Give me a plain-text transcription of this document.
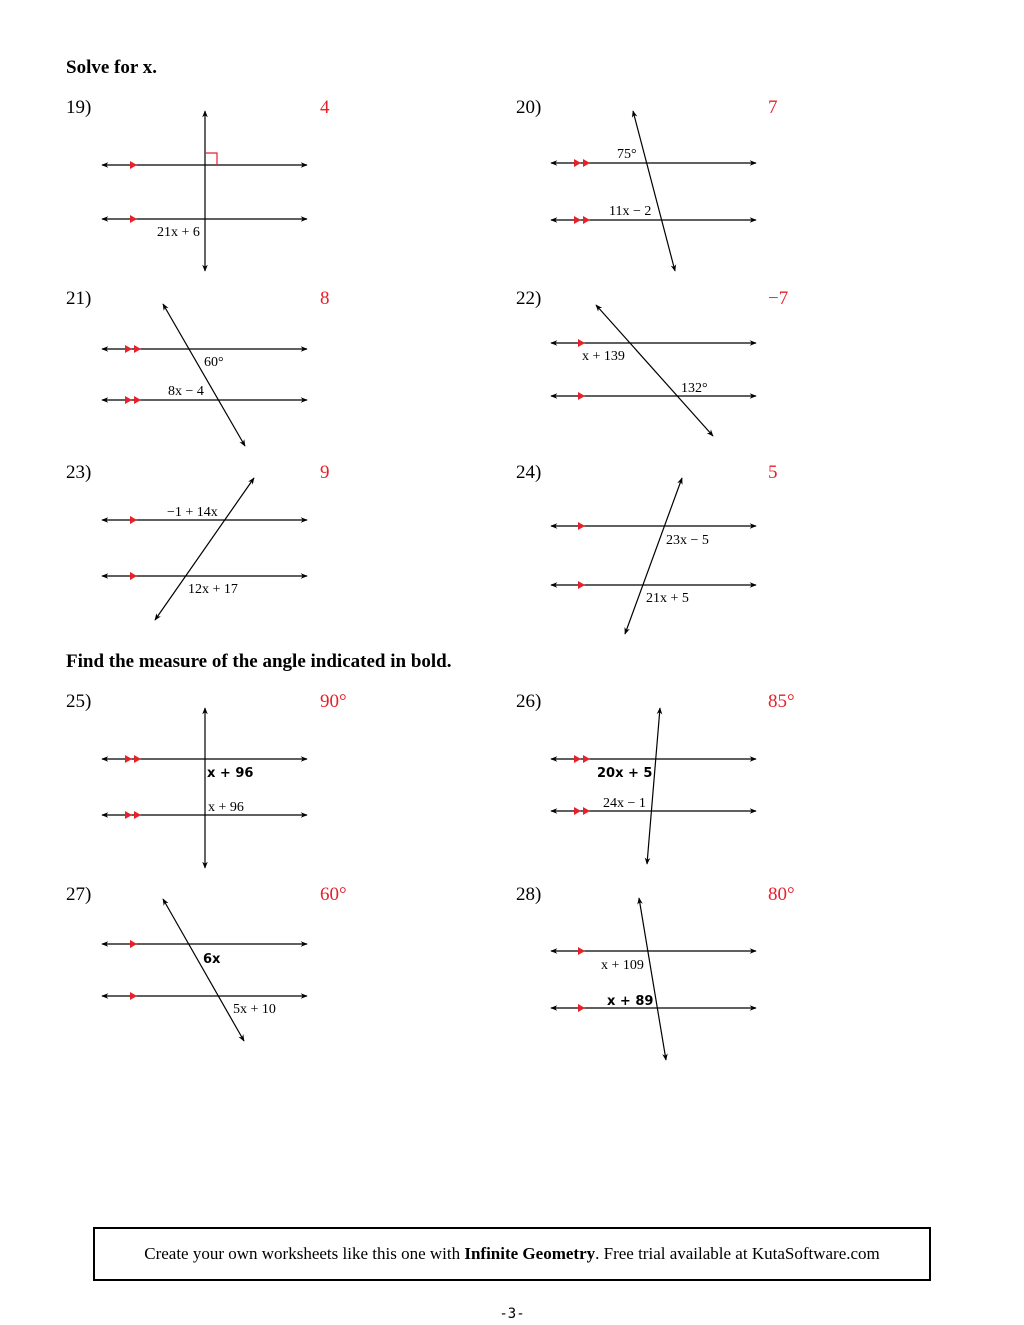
Solve for x.
Find the measure of the angle indicated in bold.
19)	4	20)	7
21)	8	22)	−7
23)	9	24)	5
25)	90°	26)	85°
27)	60°	28)	80°
21x + 6
75°
11x − 2
60°
8x − 4
x + 139
132°
−1 + 14x
12x + 17
23x − 5
21x + 5
x + 96
x + 96
20x + 5
24x − 1
6x
5x + 10
x + 109
x + 89
Create your own worksheets like this one with Infinite Geometry. Free trial available at KutaSoftware.com
-3-
